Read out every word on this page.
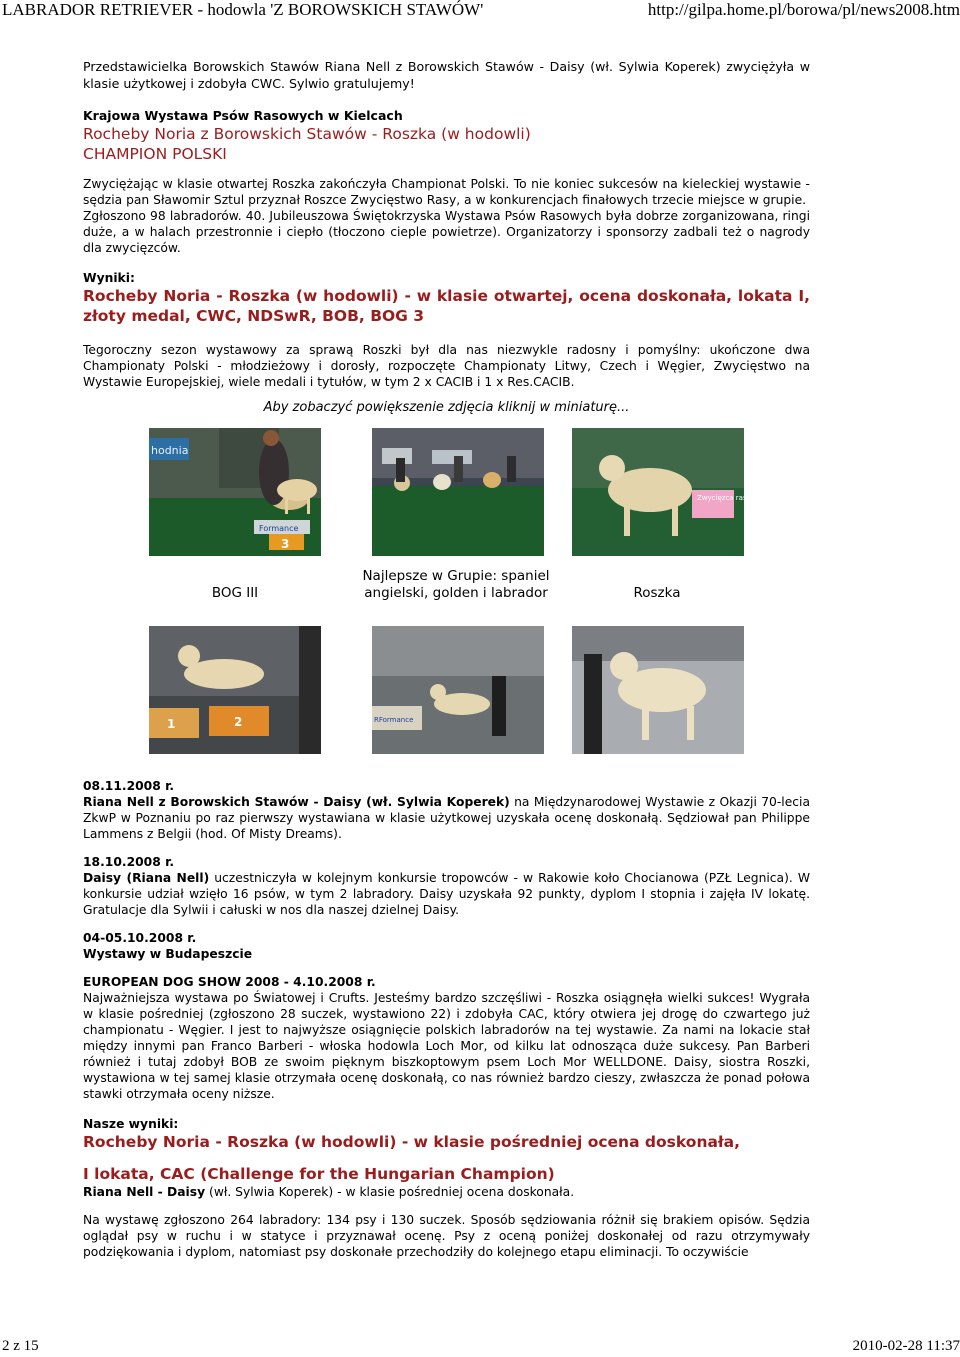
LABRADOR RETRIEVER - hodowla 'Z BOROWSKICH STAWÓW'	http://gilpa.home.pl/borowa/pl/news2008.htm

Przedstawicielka Borowskich Stawów Riana Nell z Borowskich Stawów - Daisy (wł. Sylwia Koperek) zwyciężyła w klasie użytkowej i zdobyła CWC. Sylwio gratulujemy!

Krajowa Wystawa Psów Rasowych w Kielcach

Rocheby Noria z Borowskich Stawów - Roszka (w hodowli)

CHAMPION POLSKI

Zwyciężając w klasie otwartej Roszka zakończyła Championat Polski. To nie koniec sukcesów na kieleckiej wystawie - sędzia pan Sławomir Sztul przyznał Roszce Zwycięstwo Rasy, a w konkurencjach finałowych trzecie miejsce w grupie.

Zgłoszono 98 labradorów. 40. Jubileuszowa Świętokrzyska Wystawa Psów Rasowych była dobrze zorganizowana, ringi duże, a w halach przestronnie i ciepło (tłoczono cieple powietrze). Organizatorzy i sponsorzy zadbali też o nagrody dla zwycięzców.

Wyniki:

Rocheby Noria - Roszka (w hodowli) - w klasie otwartej, ocena doskonała, lokata I, złoty medal, CWC, NDSwR, BOB, BOG 3

Tegoroczny sezon wystawowy za sprawą Roszki był dla nas niezwykle radosny i pomyślny: ukończone dwa Championaty Polski - młodzieżowy i dorosły, rozpoczęte Championaty Litwy, Czech i Węgier, Zwycięstwo na Wystawie Europejskiej, wiele medali i tytułów, w tym 2 x CACIB i 1 x Res.CACIB.

Aby zobaczyć powiększenie zdjęcia kliknij w miniaturę...

hodnia
Formance
3
Zwycięzca rasy
BOG III
Najlepsze w Grupie: spaniel angielski, golden i labrador	Roszka
1	2	RFormance

08.11.2008 r.

Riana Nell z Borowskich Stawów - Daisy (wł. Sylwia Koperek) na Międzynarodowej Wystawie z Okazji 70-lecia ZkwP w Poznaniu po raz pierwszy wystawiana w klasie użytkowej uzyskała ocenę doskonałą. Sędziował pan Philippe Lammens z Belgii (hod. Of Misty Dreams).

18.10.2008 r.

Daisy (Riana Nell) uczestniczyła w kolejnym konkursie tropowców - w Rakowie koło Chocianowa (PZŁ Legnica). W konkursie udział wzięło 16 psów, w tym 2 labradory. Daisy uzyskała 92 punkty, dyplom I stopnia i zajęła IV lokatę. Gratulacje dla Sylwii i całuski w nos dla naszej dzielnej Daisy.

04-05.10.2008 r.

Wystawy w Budapeszcie

EUROPEAN DOG SHOW 2008 - 4.10.2008 r.

Najważniejsza wystawa po Światowej i Crufts. Jesteśmy bardzo szczęśliwi - Roszka osiągnęła wielki sukces! Wygrała w klasie pośredniej (zgłoszono 28 suczek, wystawiono 22) i zdobyła CAC, który otwiera jej drogę do czwartego już championatu - Węgier. I jest to najwyższe osiągnięcie polskich labradorów na tej wystawie. Za nami na lokacie stał między innymi pan Franco Barberi - włoska hodowla Loch Mor, od kilku lat odnosząca duże sukcesy. Pan Barberi również i tutaj zdobył BOB ze swoim pięknym biszkoptowym psem Loch Mor WELLDONE. Daisy, siostra Roszki, wystawiona w tej samej klasie otrzymała ocenę doskonałą, co nas również bardzo cieszy, zwłaszcza że ponad połowa stawki otrzymała oceny niższe.

Nasze wyniki:

Rocheby Noria - Roszka (w hodowli) - w klasie pośredniej ocena doskonała,

I lokata, CAC (Challenge for the Hungarian Champion)

Riana Nell - Daisy (wł. Sylwia Koperek) - w klasie pośredniej ocena doskonała.

Na wystawę zgłoszono 264 labradory: 134 psy i 130 suczek. Sposób sędziowania różnił się brakiem opisów. Sędzia oglądał psy w ruchu i w statyce i przyznawał ocenę. Psy z oceną poniżej doskonałej od razu otrzymywały podziękowania i dyplom, natomiast psy doskonałe przechodziły do kolejnego etapu eliminacji. To oczywiście

2 z 15	2010-02-28 11:37
